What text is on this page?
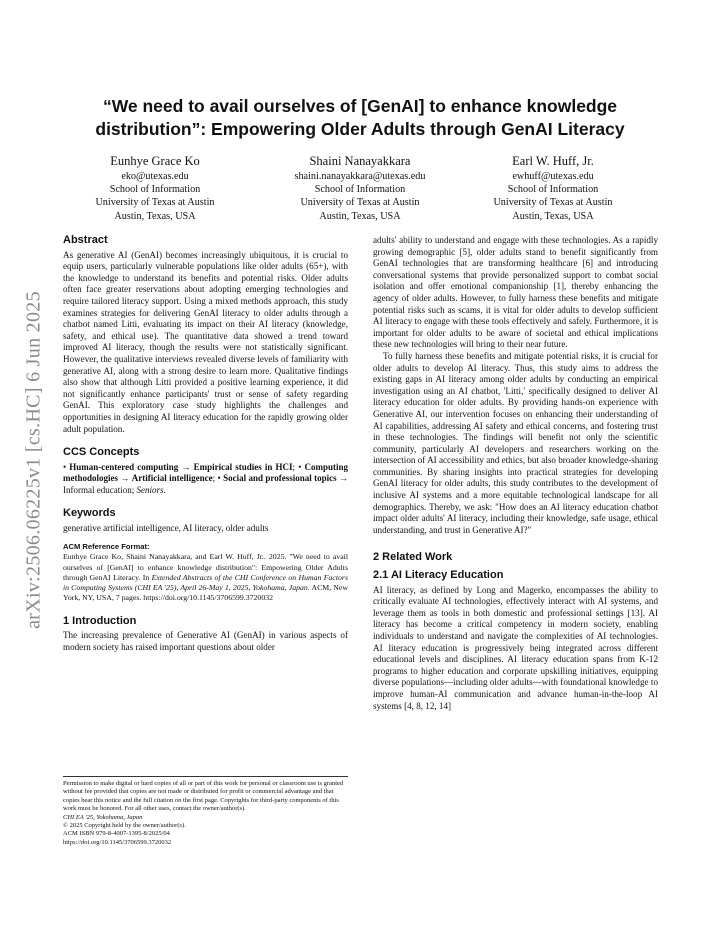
arXiv:2506.06225v1 [cs.HC] 6 Jun 2025
“We need to avail ourselves of [GenAI] to enhance knowledge
distribution”: Empowering Older Adults through GenAI Literacy
Eunhye Grace Ko
eko@utexas.edu
School of Information
University of Texas at Austin
Austin, Texas, USA
Shaini Nanayakkara
shaini.nanayakkara@utexas.edu
School of Information
University of Texas at Austin
Austin, Texas, USA
Earl W. Huff, Jr.
ewhuff@utexas.edu
School of Information
University of Texas at Austin
Austin, Texas, USA
Abstract

As generative AI (GenAI) becomes increasingly ubiquitous, it is crucial to equip users, particularly vulnerable populations like older adults (65+), with the knowledge to understand its benefits and potential risks. Older adults often face greater reservations about adopting emerging technologies and require tailored literacy support. Using a mixed methods approach, this study examines strategies for delivering GenAI literacy to older adults through a chatbot named Litti, evaluating its impact on their AI literacy (knowledge, safety, and ethical use). The quantitative data showed a trend toward improved AI literacy, though the results were not statistically significant. However, the qualitative interviews revealed diverse levels of familiarity with generative AI, along with a strong desire to learn more. Qualitative findings also show that although Litti provided a positive learning experience, it did not significantly enhance participants' trust or sense of safety regarding GenAI. This exploratory case study highlights the challenges and opportunities in designing AI literacy education for the rapidly growing older adult population.

CCS Concepts

• Human-centered computing → Empirical studies in HCI; • Computing methodologies → Artificial intelligence; • Social and professional topics → Informal education; Seniors.

Keywords

generative artificial intelligence, AI literacy, older adults

ACM Reference Format:

Eunhye Grace Ko, Shaini Nanayakkara, and Earl W. Huff, Jr.. 2025. "We need to avail ourselves of [GenAI] to enhance knowledge distribution": Empowering Older Adults through GenAI Literacy. In Extended Abstracts of the CHI Conference on Human Factors in Computing Systems (CHI EA '25), April 26-May 1, 2025, Yokohama, Japan. ACM, New York, NY, USA, 7 pages. https://doi.org/10.1145/3706599.3720032

1 Introduction

The increasing prevalence of Generative AI (GenAI) in various aspects of modern society has raised important questions about older

Permission to make digital or hard copies of all or part of this work for personal or classroom use is granted without fee provided that copies are not made or distributed for profit or commercial advantage and that copies bear this notice and the full citation on the first page. Copyrights for third-party components of this work must be honored. For all other uses, contact the owner/author(s).

CHI EA '25, Yokohama, Japan

© 2025 Copyright held by the owner/author(s).

ACM ISBN 979-8-4007-1395-8/2025/04

https://doi.org/10.1145/3706599.3720032

adults' ability to understand and engage with these technologies. As a rapidly growing demographic [5], older adults stand to benefit significantly from GenAI technologies that are transforming healthcare [6] and introducing conversational systems that provide personalized support to combat social isolation and offer emotional companionship [1], thereby enhancing the agency of older adults. However, to fully harness these benefits and mitigate potential risks such as scams, it is vital for older adults to develop sufficient AI literacy to engage with these tools effectively and safely. Furthermore, it is important for older adults to be aware of societal and ethical implications these new technologies will bring to their near future.

To fully harness these benefits and mitigate potential risks, it is crucial for older adults to develop AI literacy. Thus, this study aims to address the existing gaps in AI literacy among older adults by conducting an empirical investigation using an AI chatbot, 'Litti,' specifically designed to deliver AI literacy education for older adults. By providing hands-on experience with Generative AI, our intervention focuses on enhancing their understanding of AI capabilities, addressing AI safety and ethical concerns, and fostering trust in these technologies. The findings will benefit not only the scientific community, particularly AI developers and researchers working on the intersection of AI accessibility and ethics, but also broader knowledge-sharing communities. By sharing insights into practical strategies for developing GenAI literacy for older adults, this study contributes to the development of inclusive AI systems and a more equitable technological landscape for all demographics. Thereby, we ask: "How does an AI literacy education chatbot impact older adults' AI literacy, including their knowledge, safe usage, ethical understanding, and trust in Generative AI?"

2 Related Work
2.1 AI Literacy Education

AI literacy, as defined by Long and Magerko, encompasses the ability to critically evaluate AI technologies, effectively interact with AI systems, and leverage them as tools in both domestic and professional settings [13]. AI literacy has become a critical competency in modern society, enabling individuals to understand and navigate the complexities of AI technologies. AI literacy education is progressively being integrated across different educational levels and disciplines. AI literacy education spans from K-12 programs to higher education and corporate upskilling initiatives, equipping diverse populations—including older adults—with foundational knowledge to improve human-AI communication and advance human-in-the-loop AI systems [4, 8, 12, 14]
